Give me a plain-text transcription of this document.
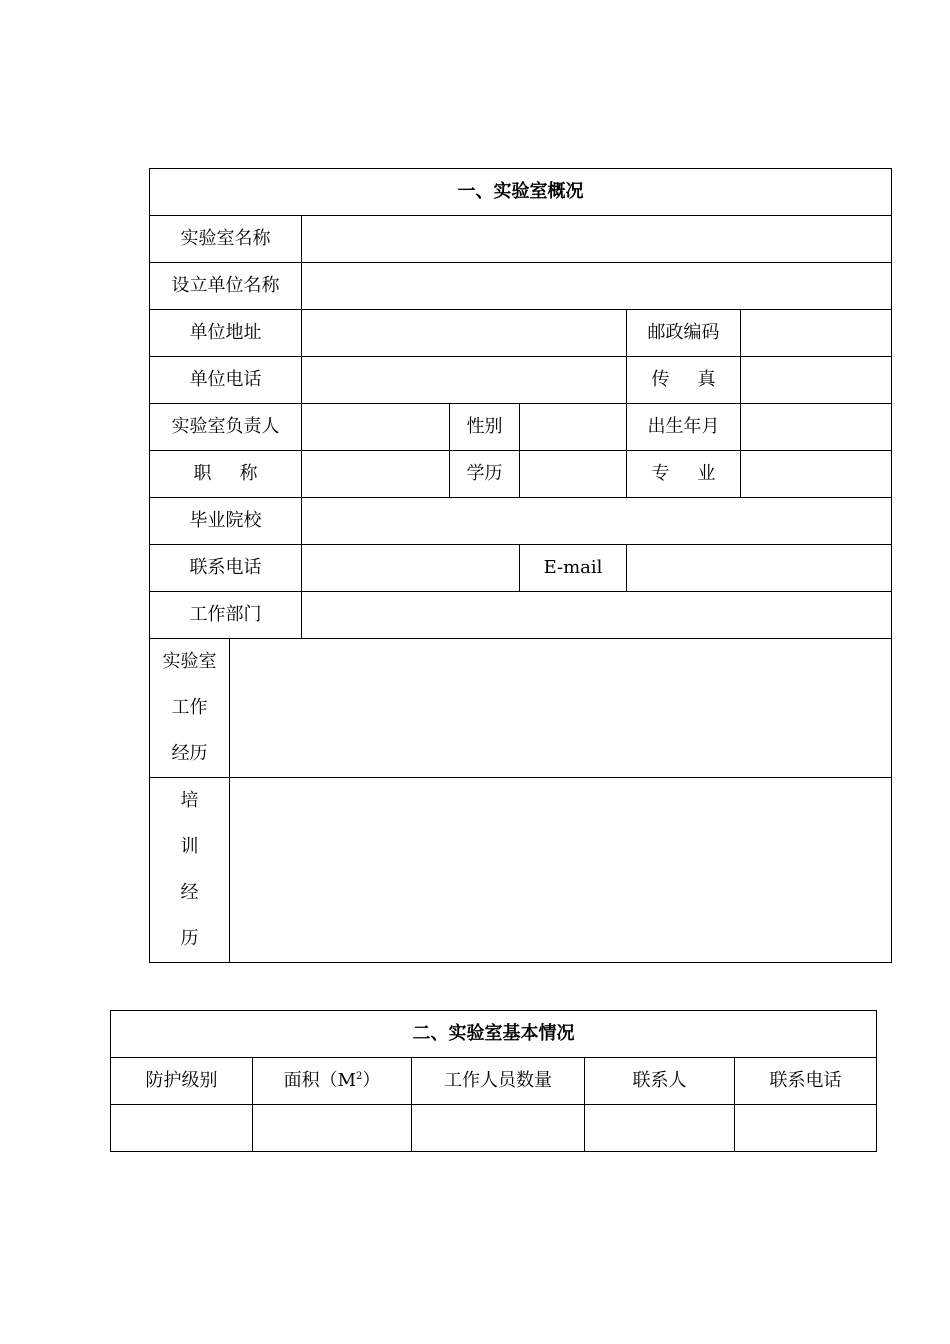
一、实验室概况						
实验室名称						
设立单位名称						
单位地址					邮政编码	
单位电话					传 真	
实验室负责人			性别		出生年月	
职 称			学历		专 业	
毕业院校						
联系电话				E-mail		
工作部门						

实验室
工作
经历						

培
训
经
历						

二、实验室基本情况				
防护级别	面积$(M^2)$	工作人员数量	联系人	联系电话
